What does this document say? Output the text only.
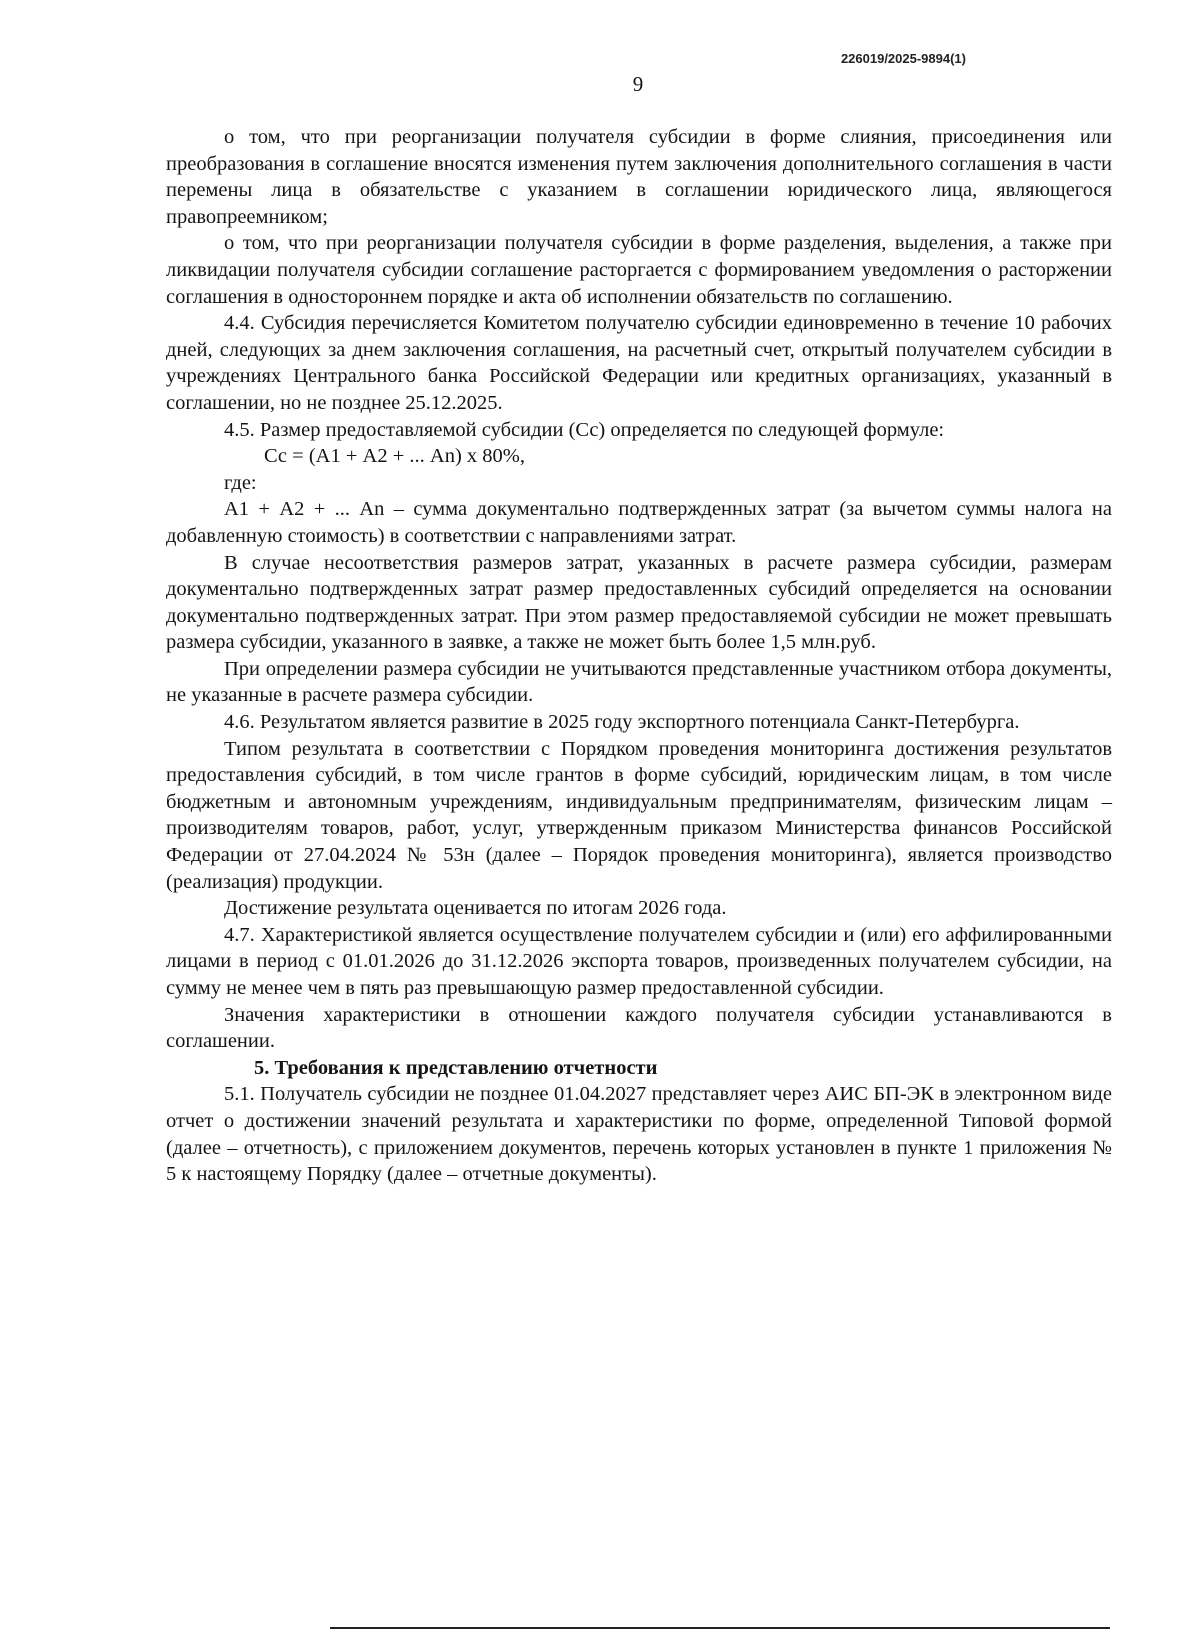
226019/2025-9894(1)
9

о том, что при реорганизации получателя субсидии в форме слияния, присоединения или преобразования в соглашение вносятся изменения путем заключения дополнительного соглашения в части перемены лица в обязательстве с указанием в соглашении юридического лица, являющегося правопреемником;

о том, что при реорганизации получателя субсидии в форме разделения, выделения, а также при ликвидации получателя субсидии соглашение расторгается с формированием уведомления о расторжении соглашения в одностороннем порядке и акта об исполнении обязательств по соглашению.

4.4. Субсидия перечисляется Комитетом получателю субсидии единовременно в течение 10 рабочих дней, следующих за днем заключения соглашения, на расчетный счет, открытый получателем субсидии в учреждениях Центрального банка Российской Федерации или кредитных организациях, указанный в соглашении, но не позднее 25.12.2025.

4.5. Размер предоставляемой субсидии (Сс) определяется по следующей формуле:

Сс = (А1 + А2 + ... Аn) х 80%,

где:

А1 + А2 + ... Аn – сумма документально подтвержденных затрат (за вычетом суммы налога на добавленную стоимость) в соответствии с направлениями затрат.

В случае несоответствия размеров затрат, указанных в расчете размера субсидии, размерам документально подтвержденных затрат размер предоставленных субсидий определяется на основании документально подтвержденных затрат. При этом размер предоставляемой субсидии не может превышать размера субсидии, указанного в заявке, а также не может быть более 1,5 млн.руб.

При определении размера субсидии не учитываются представленные участником отбора документы, не указанные в расчете размера субсидии.

4.6. Результатом является развитие в 2025 году экспортного потенциала Санкт-Петербурга.

Типом результата в соответствии с Порядком проведения мониторинга достижения результатов предоставления субсидий, в том числе грантов в форме субсидий, юридическим лицам, в том числе бюджетным и автономным учреждениям, индивидуальным предпринимателям, физическим лицам – производителям товаров, работ, услуг, утвержденным приказом Министерства финансов Российской Федерации от 27.04.2024 № 53н (далее – Порядок проведения мониторинга), является производство (реализация) продукции.

Достижение результата оценивается по итогам 2026 года.

4.7. Характеристикой является осуществление получателем субсидии и (или) его аффилированными лицами в период с 01.01.2026 до 31.12.2026 экспорта товаров, произведенных получателем субсидии, на сумму не менее чем в пять раз превышающую размер предоставленной субсидии.

Значения характеристики в отношении каждого получателя субсидии устанавливаются в соглашении.

5. Требования к представлению отчетности

5.1. Получатель субсидии не позднее 01.04.2027 представляет через АИС БП-ЭК в электронном виде отчет о достижении значений результата и характеристики по форме, определенной Типовой формой (далее – отчетность), с приложением документов, перечень которых установлен в пункте 1 приложения № 5 к настоящему Порядку (далее – отчетные документы).
